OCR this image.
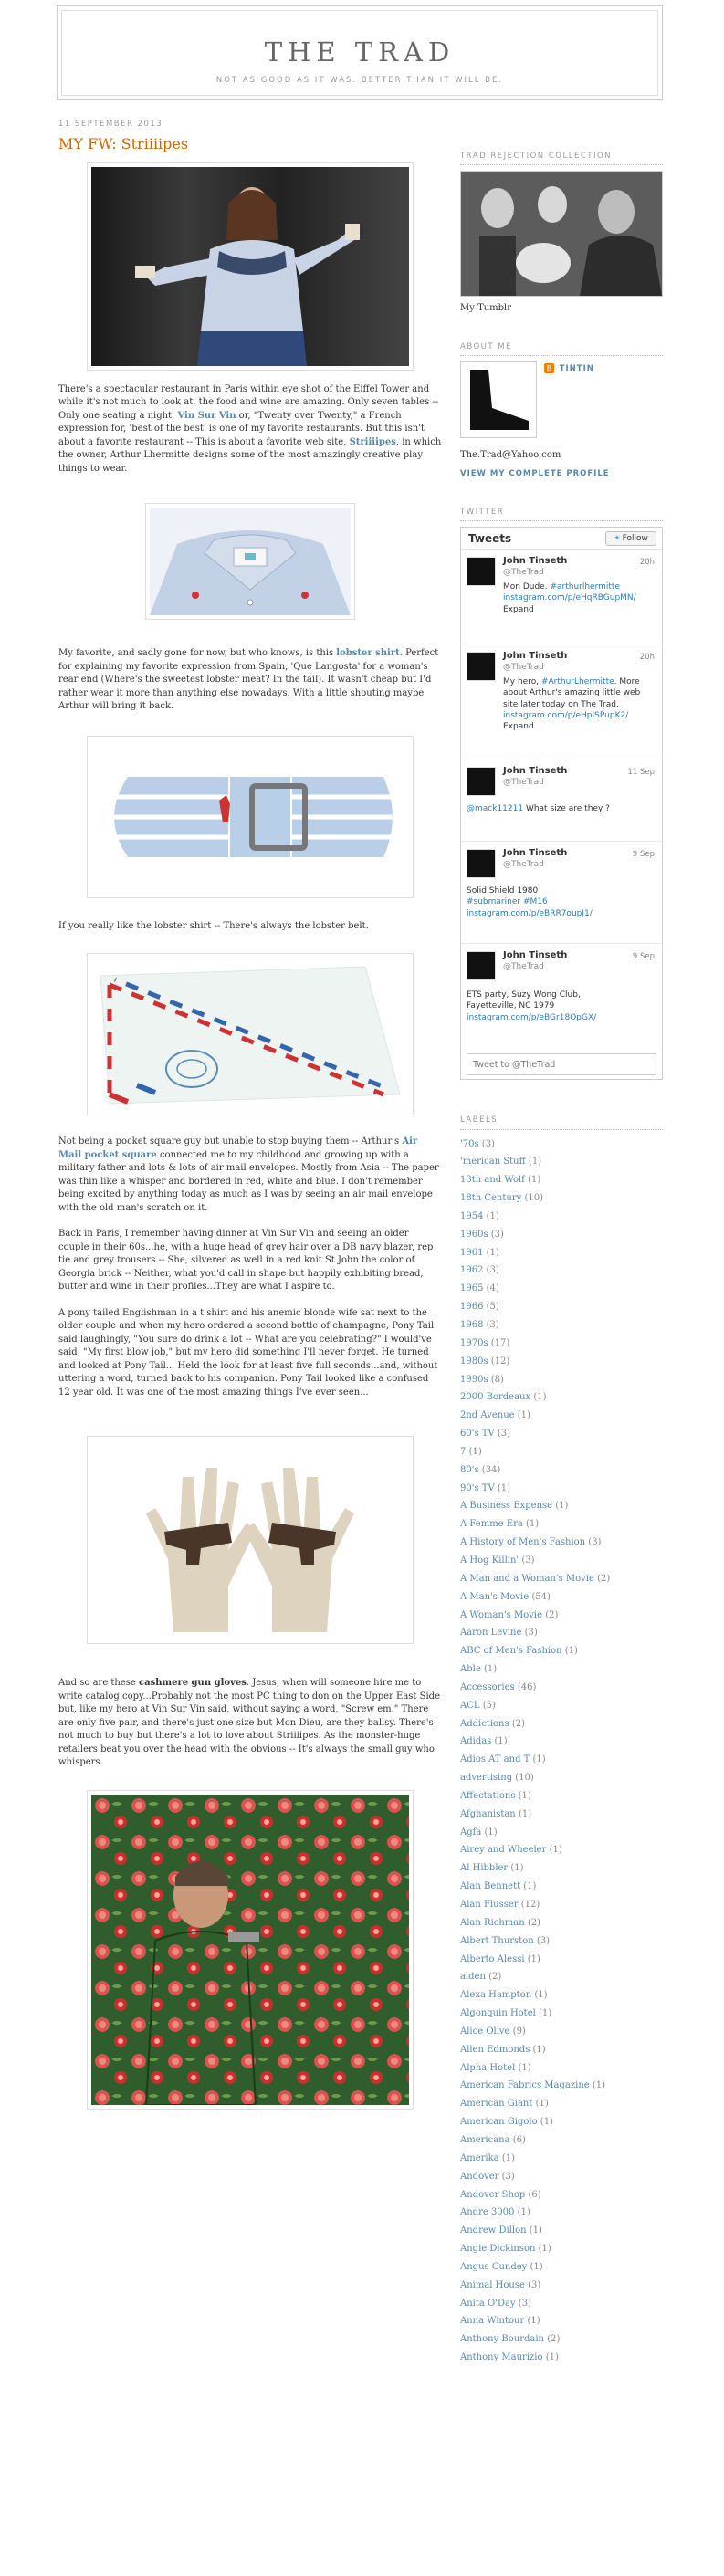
THE TRAD
NOT AS GOOD AS IT WAS. BETTER THAN IT WILL BE.
11 SEPTEMBER 2013
MY FW: Striiiipes

There's a spectacular restaurant in Paris within eye shot of the Eiffel Tower and while it's not much to look at, the food and wine are amazing. Only seven tables -- Only one seating a night. Vin Sur Vin or, "Twenty over Twenty," a French expression for, 'best of the best' is one of my favorite restaurants. But this isn't about a favorite restaurant -- This is about a favorite web site, Striiiipes, in which the owner, Arthur Lhermitte designs some of the most amazingly creative play things to wear.

My favorite, and sadly gone for now, but who knows, is this lobster shirt. Perfect for explaining my favorite expression from Spain, 'Que Langosta' for a woman's rear end (Where's the sweetest lobster meat? In the tail). It wasn't cheap but I'd rather wear it more than anything else nowadays. With a little shouting maybe Arthur will bring it back.

If you really like the lobster shirt -- There's always the lobster belt.

Not being a pocket square guy but unable to stop buying them -- Arthur's Air Mail pocket square connected me to my childhood and growing up with a military father and lots & lots of air mail envelopes. Mostly from Asia -- The paper was thin like a whisper and bordered in red, white and blue. I don't remember being excited by anything today as much as I was by seeing an air mail envelope with the old man's scratch on it.

Back in Paris, I remember having dinner at Vin Sur Vin and seeing an older couple in their 60s...he, with a huge head of grey hair over a DB navy blazer, rep tie and grey trousers -- She, silvered as well in a red knit St John the color of Georgia brick -- Neither, what you'd call in shape but happily exhibiting bread, butter and wine in their profiles...They are what I aspire to.

A pony tailed Englishman in a t shirt and his anemic blonde wife sat next to the older couple and when my hero ordered a second bottle of champagne, Pony Tail said laughingly, "You sure do drink a lot -- What are you celebrating?" I would've said, "My first blow job," but my hero did something I'll never forget. He turned and looked at Pony Tail... Held the look for at least five full seconds...and, without uttering a word, turned back to his companion. Pony Tail looked like a confused 12 year old. It was one of the most amazing things I've ever seen...

And so are these cashmere gun gloves. Jesus, when will someone hire me to write catalog copy...Probably not the most PC thing to don on the Upper East Side but, like my hero at Vin Sur Vin said, without saying a word, "Screw em." There are only five pair, and there's just one size but Mon Dieu, are they ballsy. There's not much to buy but there's a lot to love about Striiiipes. As the monster-huge retailers beat you over the head with the obvious -- It's always the small guy who whispers.

TRAD REJECTION COLLECTION
My Tumblr
ABOUT ME
B TINTIN
The.Trad@Yahoo.com
VIEW MY COMPLETE PROFILE
TWITTER
Tweets	✦ Follow
John Tinseth
@TheTrad
20h
Mon Dude. #arthurlhermitte
instagram.com/p/eHqRBGupMN/
Expand
John Tinseth
@TheTrad
20h
My hero, #ArthurLhermitte. More
about Arthur's amazing little web
site later today on The Trad.
instagram.com/p/eHpISPupK2/
Expand
John Tinseth
@TheTrad
11 Sep
@mack11211 What size are they ?
John Tinseth
@TheTrad
9 Sep
Solid Shield 1980
#submariner #M16
instagram.com/p/eBRR7oupJ1/
John Tinseth
@TheTrad
9 Sep
ETS party, Suzy Wong Club,
Fayetteville, NC 1979
instagram.com/p/eBGr18OpGX/
Tweet to @TheTrad
LABELS
'70s (3)
'merican Stuff (1)
13th and Wolf (1)
18th Century (10)
1954 (1)
1960s (3)
1961 (1)
1962 (3)
1965 (4)
1966 (5)
1968 (3)
1970s (17)
1980s (12)
1990s (8)
2000 Bordeaux (1)
2nd Avenue (1)
60's TV (3)
7 (1)
80's (34)
90's TV (1)
A Business Expense (1)
A Femme Era (1)
A History of Men's Fashion (3)
A Hog Killin' (3)
A Man and a Woman's Movie (2)
A Man's Movie (54)
A Woman's Movie (2)
Aaron Levine (3)
ABC of Men's Fashion (1)
Able (1)
Accessories (46)
ACL (5)
Addictions (2)
Adidas (1)
Adios AT and T (1)
advertising (10)
Affectations (1)
Afghanistan (1)
Agfa (1)
Airey and Wheeler (1)
Al Hibbler (1)
Alan Bennett (1)
Alan Flusser (12)
Alan Richman (2)
Albert Thurston (3)
Alberto Alessi (1)
alden (2)
Alexa Hampton (1)
Algonquin Hotel (1)
Alice Olive (9)
Allen Edmonds (1)
Alpha Hotel (1)
American Fabrics Magazine (1)
American Giant (1)
American Gigolo (1)
Americana (6)
Amerika (1)
Andover (3)
Andover Shop (6)
Andre 3000 (1)
Andrew Dillon (1)
Angie Dickinson (1)
Angus Cundey (1)
Animal House (3)
Anita O'Day (3)
Anna Wintour (1)
Anthony Bourdain (2)
Anthony Maurizio (1)
